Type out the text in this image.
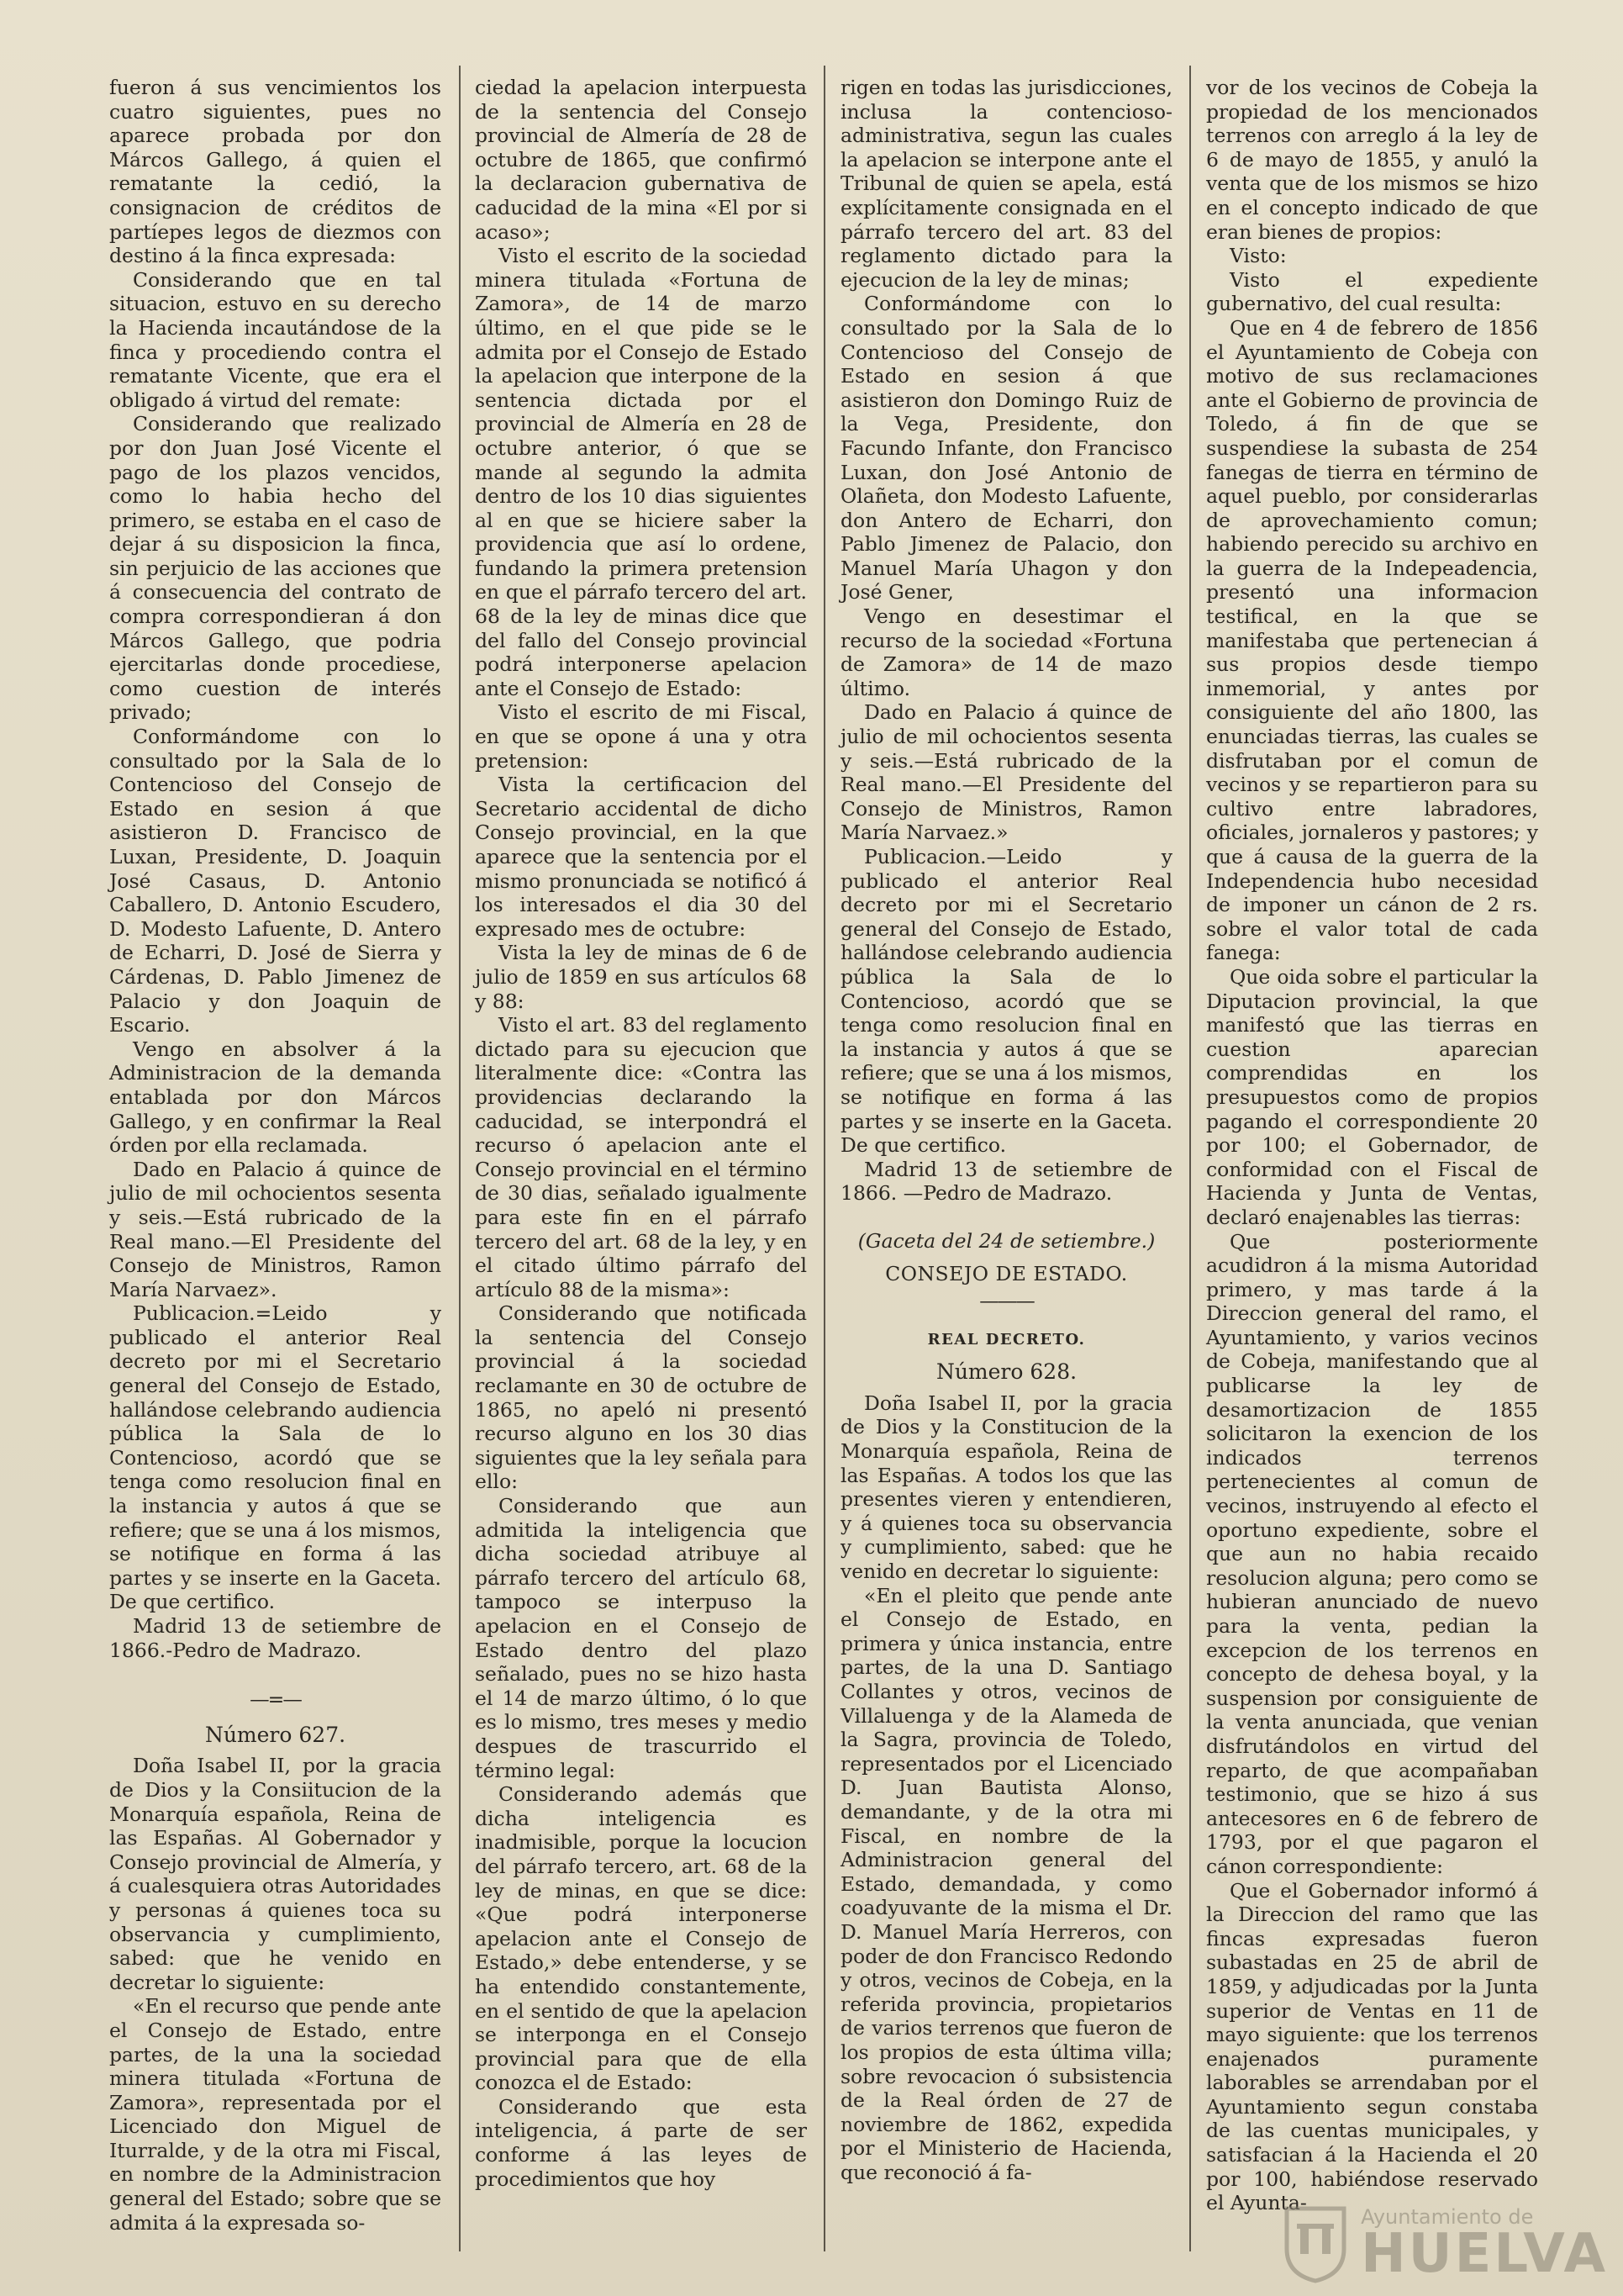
fueron á sus vencimientos los cuatro siguientes, pues no aparece probada por don Márcos Gallego, á quien el rematante la cedió, la consignacion de créditos de partíepes legos de diezmos con destino á la finca expresada:

Considerando que en tal situacion, estuvo en su derecho la Hacienda incautándose de la finca y procediendo contra el rematante Vicente, que era el obligado á virtud del remate:

Considerando que realizado por don Juan José Vicente el pago de los plazos vencidos, como lo habia hecho del primero, se estaba en el caso de dejar á su disposicion la finca, sin perjuicio de las acciones que á consecuencia del contrato de compra correspondieran á don Márcos Gallego, que podria ejercitarlas donde procediese, como cuestion de interés privado;

Conformándome con lo consultado por la Sala de lo Contencioso del Consejo de Estado en sesion á que asistieron D. Francisco de Luxan, Presidente, D. Joaquin José Casaus, D. Antonio Caballero, D. Antonio Escudero, D. Modesto Lafuente, D. Antero de Echarri, D. José de Sierra y Cárdenas, D. Pablo Jimenez de Palacio y don Joaquin de Escario.

Vengo en absolver á la Administracion de la demanda entablada por don Márcos Gallego, y en confirmar la Real órden por ella reclamada.

Dado en Palacio á quince de julio de mil ochocientos sesenta y seis.—Está rubricado de la Real mano.—El Presidente del Consejo de Ministros, Ramon María Narvaez».

Publicacion.=Leido y publicado el anterior Real decreto por mi el Secretario general del Consejo de Estado, hallándose celebrando audiencia pública la Sala de lo Contencioso, acordó que se tenga como resolucion final en la instancia y autos á que se refiere; que se una á los mismos, se notifique en forma á las partes y se inserte en la Gaceta. De que certifico.

Madrid 13 de setiembre de 1866.-Pedro de Madrazo.

—=—

Número 627.

Doña Isabel II, por la gracia de Dios y la Consiitucion de la Monarquía española, Reina de las Españas. Al Gobernador y Consejo provincial de Almería, y á cualesquiera otras Autoridades y personas á quienes toca su observancia y cumplimiento, sabed: que he venido en decretar lo siguiente:

«En el recurso que pende ante el Consejo de Estado, entre partes, de la una la sociedad minera titulada «Fortuna de Zamora», representada por el Licenciado don Miguel de Iturralde, y de la otra mi Fiscal, en nombre de la Administracion general del Estado; sobre que se admita á la expresada so-

ciedad la apelacion interpuesta de la sentencia del Consejo provincial de Almería de 28 de octubre de 1865, que confirmó la declaracion gubernativa de caducidad de la mina «El por si acaso»;

Visto el escrito de la sociedad minera titulada «Fortuna de Zamora», de 14 de marzo último, en el que pide se le admita por el Consejo de Estado la apelacion que interpone de la sentencia dictada por el provincial de Almería en 28 de octubre anterior, ó que se mande al segundo la admita dentro de los 10 dias siguientes al en que se hiciere saber la providencia que así lo ordene, fundando la primera pretension en que el párrafo tercero del art. 68 de la ley de minas dice que del fallo del Consejo provincial podrá interponerse apelacion ante el Consejo de Estado:

Visto el escrito de mi Fiscal, en que se opone á una y otra pretension:

Vista la certificacion del Secretario accidental de dicho Consejo provincial, en la que aparece que la sentencia por el mismo pronunciada se notificó á los interesados el dia 30 del expresado mes de octubre:

Vista la ley de minas de 6 de julio de 1859 en sus artículos 68 y 88:

Visto el art. 83 del reglamento dictado para su ejecucion que literalmente dice: «Contra las providencias declarando la caducidad, se interpondrá el recurso ó apelacion ante el Consejo provincial en el término de 30 dias, señalado igualmente para este fin en el párrafo tercero del art. 68 de la ley, y en el citado último párrafo del artículo 88 de la misma»:

Considerando que notificada la sentencia del Consejo provincial á la sociedad reclamante en 30 de octubre de 1865, no apeló ni presentó recurso alguno en los 30 dias siguientes que la ley señala para ello:

Considerando que aun admitida la inteligencia que dicha sociedad atribuye al párrafo tercero del artículo 68, tampoco se interpuso la apelacion en el Consejo de Estado dentro del plazo señalado, pues no se hizo hasta el 14 de marzo último, ó lo que es lo mismo, tres meses y medio despues de trascurrido el término legal:

Considerando además que dicha inteligencia es inadmisible, porque la locucion del párrafo tercero, art. 68 de la ley de minas, en que se dice: «Que podrá interponerse apelacion ante el Consejo de Estado,» debe entenderse, y se ha entendido constantemente, en el sentido de que la apelacion se interponga en el Consejo provincial para que de ella conozca el de Estado:

Considerando que esta inteligencia, á parte de ser conforme á las leyes de procedimientos que hoy

rigen en todas las jurisdicciones, inclusa la contencioso-administrativa, segun las cuales la apelacion se interpone ante el Tribunal de quien se apela, está explícitamente consignada en el párrafo tercero del art. 83 del reglamento dictado para la ejecucion de la ley de minas;

Conformándome con lo consultado por la Sala de lo Contencioso del Consejo de Estado en sesion á que asistieron don Domingo Ruiz de la Vega, Presidente, don Facundo Infante, don Francisco Luxan, don José Antonio de Olañeta, don Modesto Lafuente, don Antero de Echarri, don Pablo Jimenez de Palacio, don Manuel María Uhagon y don José Gener,

Vengo en desestimar el recurso de la sociedad «Fortuna de Zamora» de 14 de mazo último.

Dado en Palacio á quince de julio de mil ochocientos sesenta y seis.—Está rubricado de la Real mano.—El Presidente del Consejo de Ministros, Ramon María Narvaez.»

Publicacion.—Leido y publicado el anterior Real decreto por mi el Secretario general del Consejo de Estado, hallándose celebrando audiencia pública la Sala de lo Contencioso, acordó que se tenga como resolucion final en la instancia y autos á que se refiere; que se una á los mismos, se notifique en forma á las partes y se inserte en la Gaceta. De que certifico.

Madrid 13 de setiembre de 1866. —Pedro de Madrazo.

(Gaceta del 24 de setiembre.)

CONSEJO DE ESTADO.

———

REAL DECRETO.

Número 628.

Doña Isabel II, por la gracia de Dios y la Constitucion de la Monarquía española, Reina de las Españas. A todos los que las presentes vieren y entendieren, y á quienes toca su observancia y cumplimiento, sabed: que he venido en decretar lo siguiente:

«En el pleito que pende ante el Consejo de Estado, en primera y única instancia, entre partes, de la una D. Santiago Collantes y otros, vecinos de Villaluenga y de la Alameda de la Sagra, provincia de Toledo, representados por el Licenciado D. Juan Bautista Alonso, demandante, y de la otra mi Fiscal, en nombre de la Administracion general del Estado, demandada, y como coadyuvante de la misma el Dr. D. Manuel María Herreros, con poder de don Francisco Redondo y otros, vecinos de Cobeja, en la referida provincia, propietarios de varios terrenos que fueron de los propios de esta última villa; sobre revocacion ó subsistencia de la Real órden de 27 de noviembre de 1862, expedida por el Ministerio de Hacienda, que reconoció á fa-

vor de los vecinos de Cobeja la propiedad de los mencionados terrenos con arreglo á la ley de 6 de mayo de 1855, y anuló la venta que de los mismos se hizo en el concepto indicado de que eran bienes de propios:

Visto:

Visto el expediente gubernativo, del cual resulta:

Que en 4 de febrero de 1856 el Ayuntamiento de Cobeja con motivo de sus reclamaciones ante el Gobierno de provincia de Toledo, á fin de que se suspendiese la subasta de 254 fanegas de tierra en término de aquel pueblo, por considerarlas de aprovechamiento comun; habiendo perecido su archivo en la guerra de la Indepeadencia, presentó una informacion testifical, en la que se manifestaba que pertenecian á sus propios desde tiempo inmemorial, y antes por consiguiente del año 1800, las enunciadas tierras, las cuales se disfrutaban por el comun de vecinos y se repartieron para su cultivo entre labradores, oficiales, jornaleros y pastores; y que á causa de la guerra de la Independencia hubo necesidad de imponer un cánon de 2 rs. sobre el valor total de cada fanega:

Que oida sobre el particular la Diputacion provincial, la que manifestó que las tierras en cuestion aparecian comprendidas en los presupuestos como de propios pagando el correspondiente 20 por 100; el Gobernador, de conformidad con el Fiscal de Hacienda y Junta de Ventas, declaró enajenables las tierras:

Que posteriormente acudidron á la misma Autoridad primero, y mas tarde á la Direccion general del ramo, el Ayuntamiento, y varios vecinos de Cobeja, manifestando que al publicarse la ley de desamortizacion de 1855 solicitaron la exencion de los indicados terrenos pertenecientes al comun de vecinos, instruyendo al efecto el oportuno expediente, sobre el que aun no habia recaido resolucion alguna; pero como se hubieran anunciado de nuevo para la venta, pedian la excepcion de los terrenos en concepto de dehesa boyal, y la suspension por consiguiente de la venta anunciada, que venian disfrutándolos en virtud del reparto, de que acompañaban testimonio, que se hizo á sus antecesores en 6 de febrero de 1793, por el que pagaron el cánon correspondiente:

Que el Gobernador informó á la Direccion del ramo que las fincas expresadas fueron subastadas en 25 de abril de 1859, y adjudicadas por la Junta superior de Ventas en 11 de mayo siguiente: que los terrenos enajenados puramente laborables se arrendaban por el Ayuntamiento segun constaba de las cuentas municipales, y satisfacian á la Hacienda el 20 por 100, habiéndose reservado el Ayunta-

Ayuntamiento de
HUELVA
